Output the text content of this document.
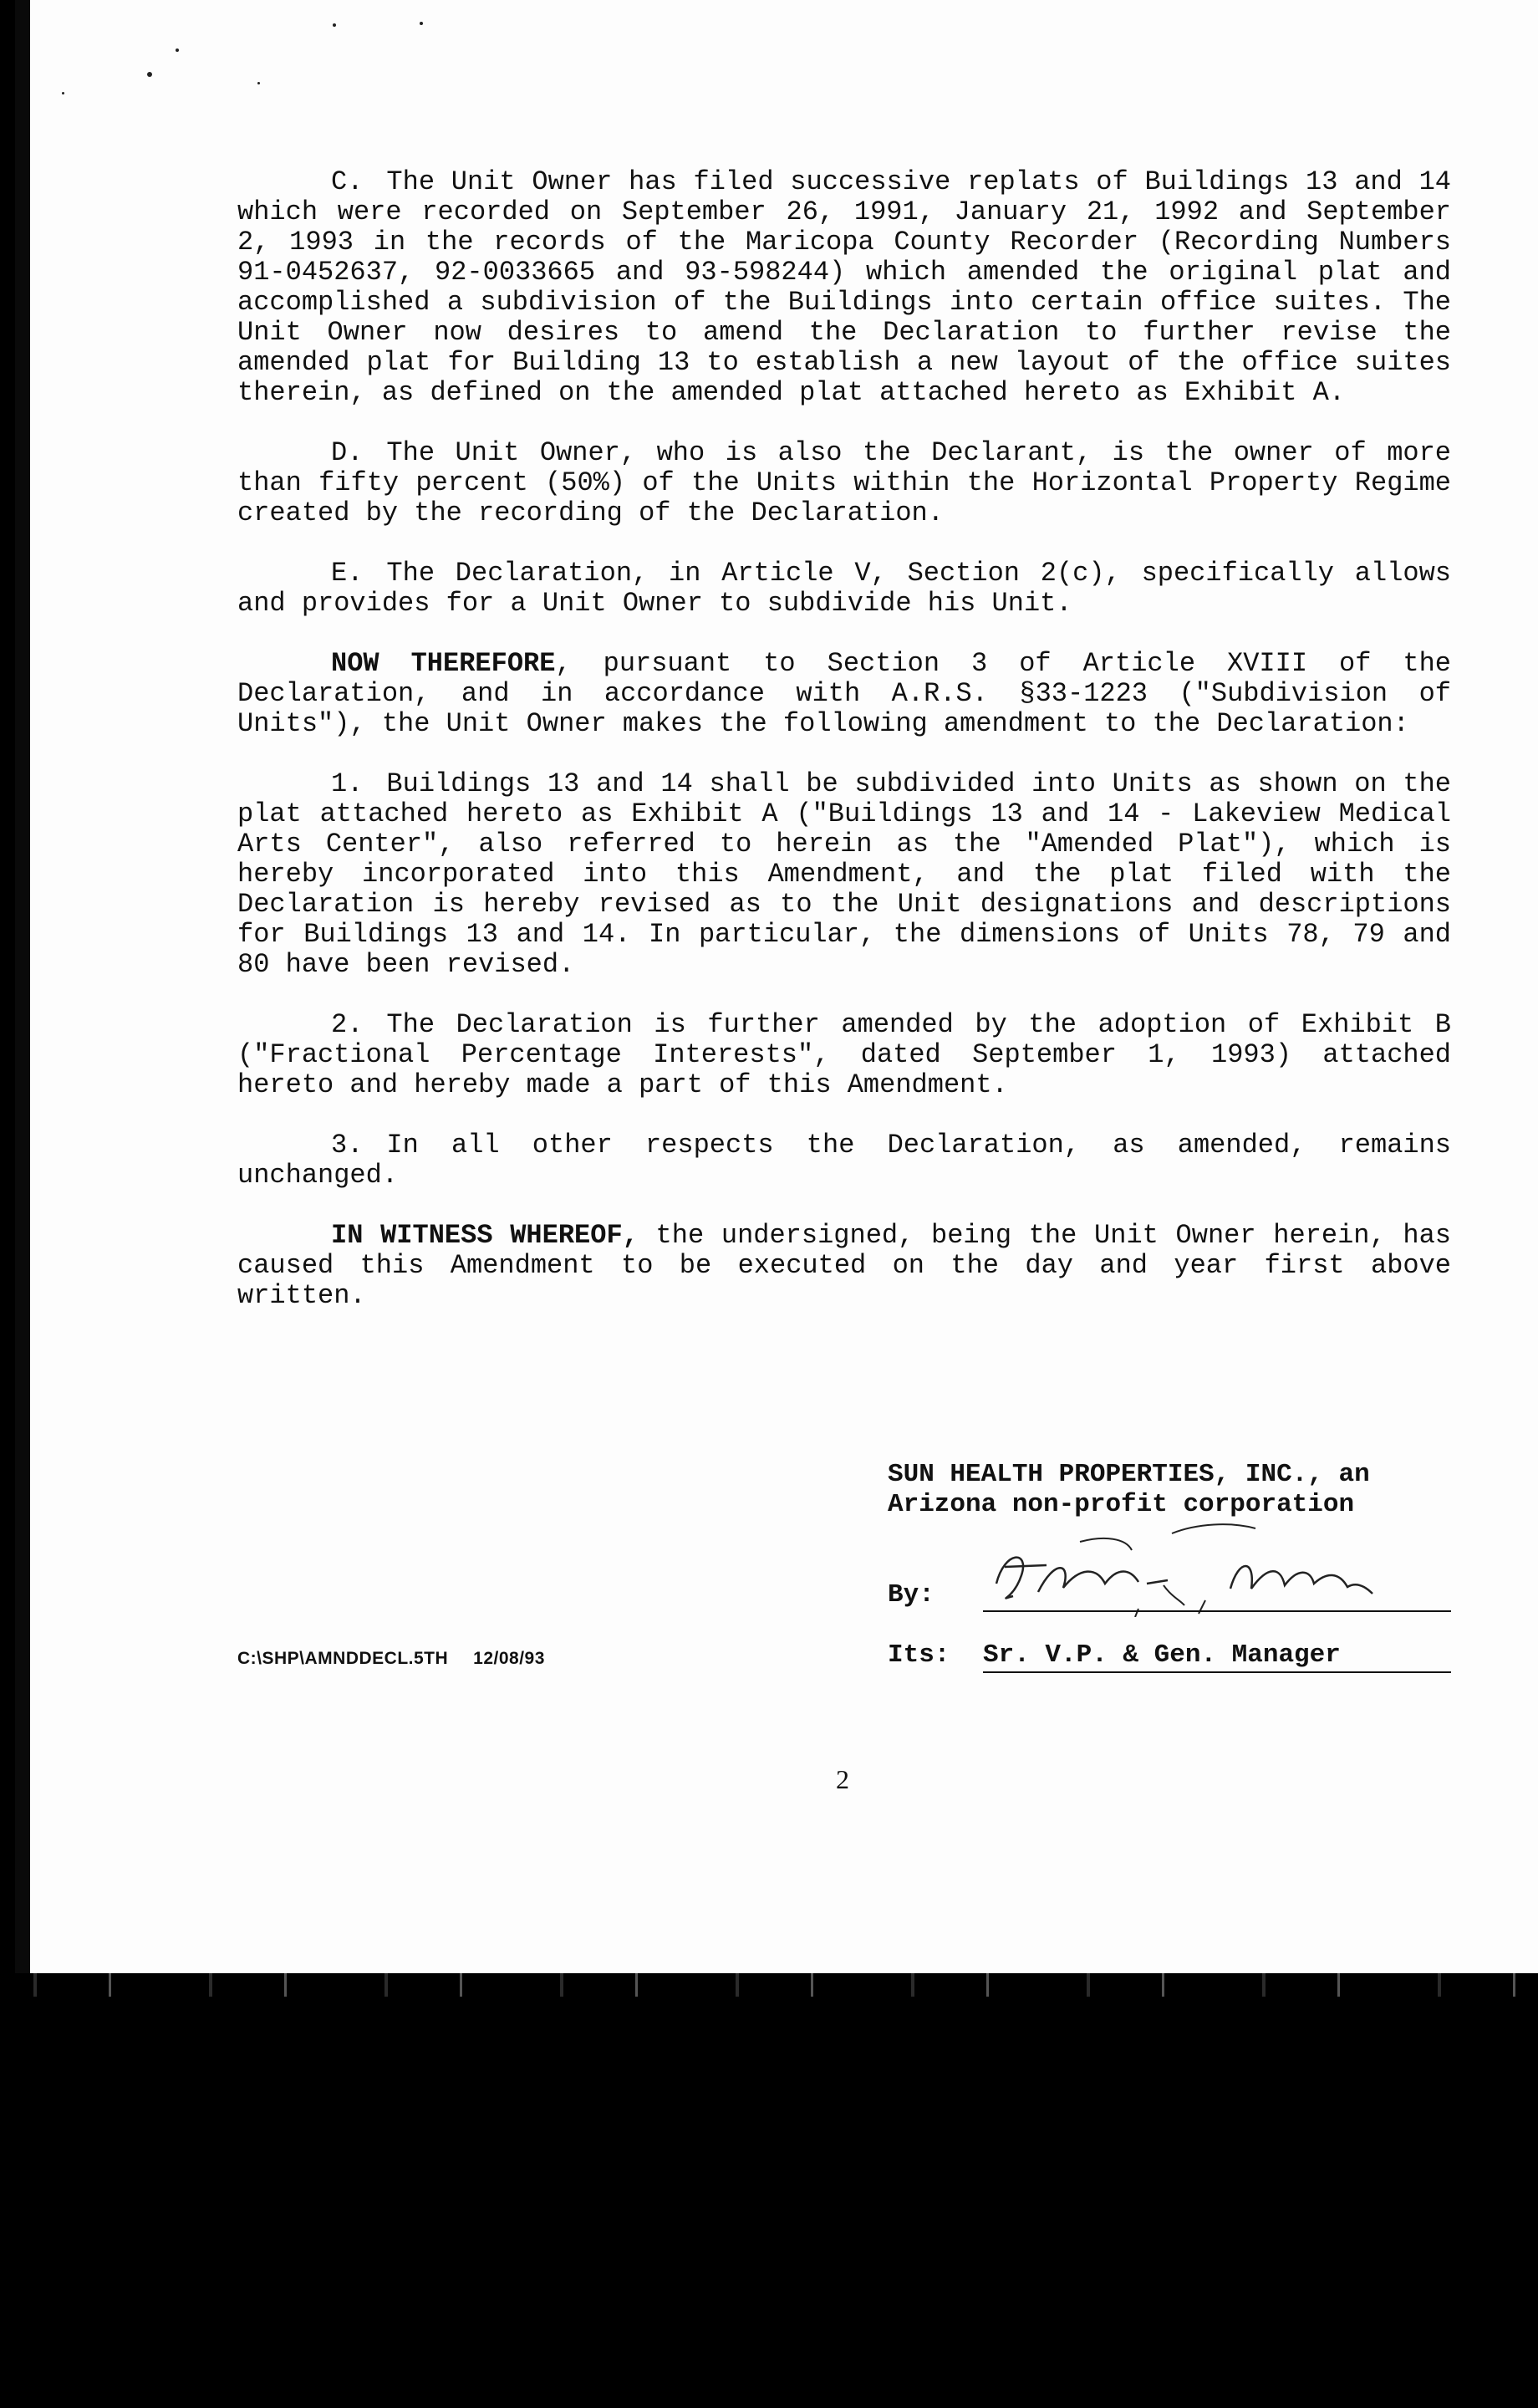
C. The Unit Owner has filed successive replats of Buildings 13 and 14 which were recorded on September 26, 1991, January 21, 1992 and September 2, 1993 in the records of the Maricopa County Recorder (Recording Numbers 91-0452637, 92-0033665 and 93-598244) which amended the original plat and accomplished a subdivision of the Buildings into certain office suites. The Unit Owner now desires to amend the Declaration to further revise the amended plat for Building 13 to establish a new layout of the office suites therein, as defined on the amended plat attached hereto as Exhibit A.

D. The Unit Owner, who is also the Declarant, is the owner of more than fifty percent (50%) of the Units within the Horizontal Property Regime created by the recording of the Declaration.

E. The Declaration, in Article V, Section 2(c), specifically allows and provides for a Unit Owner to subdivide his Unit.

NOW THEREFORE, pursuant to Section 3 of Article XVIII of the Declaration, and in accordance with A.R.S. §33-1223 ("Subdivision of Units"), the Unit Owner makes the following amendment to the Declaration:

1. Buildings 13 and 14 shall be subdivided into Units as shown on the plat attached hereto as Exhibit A ("Buildings 13 and 14 - Lakeview Medical Arts Center", also referred to herein as the "Amended Plat"), which is hereby incorporated into this Amendment, and the plat filed with the Declaration is hereby revised as to the Unit designations and descriptions for Buildings 13 and 14. In particular, the dimensions of Units 78, 79 and 80 have been revised.

2. The Declaration is further amended by the adoption of Exhibit B ("Fractional Percentage Interests", dated September 1, 1993) attached hereto and hereby made a part of this Amendment.

3. In all other respects the Declaration, as amended, remains unchanged.

IN WITNESS WHEREOF, the undersigned, being the Unit Owner herein, has caused this Amendment to be executed on the day and year first above written.

SUN HEALTH PROPERTIES, INC., an
Arizona non-profit corporation
By:
Its: Sr. V.P. & Gen. Manager
C:\SHP\AMNDDECL.5TH 12/08/93
2
